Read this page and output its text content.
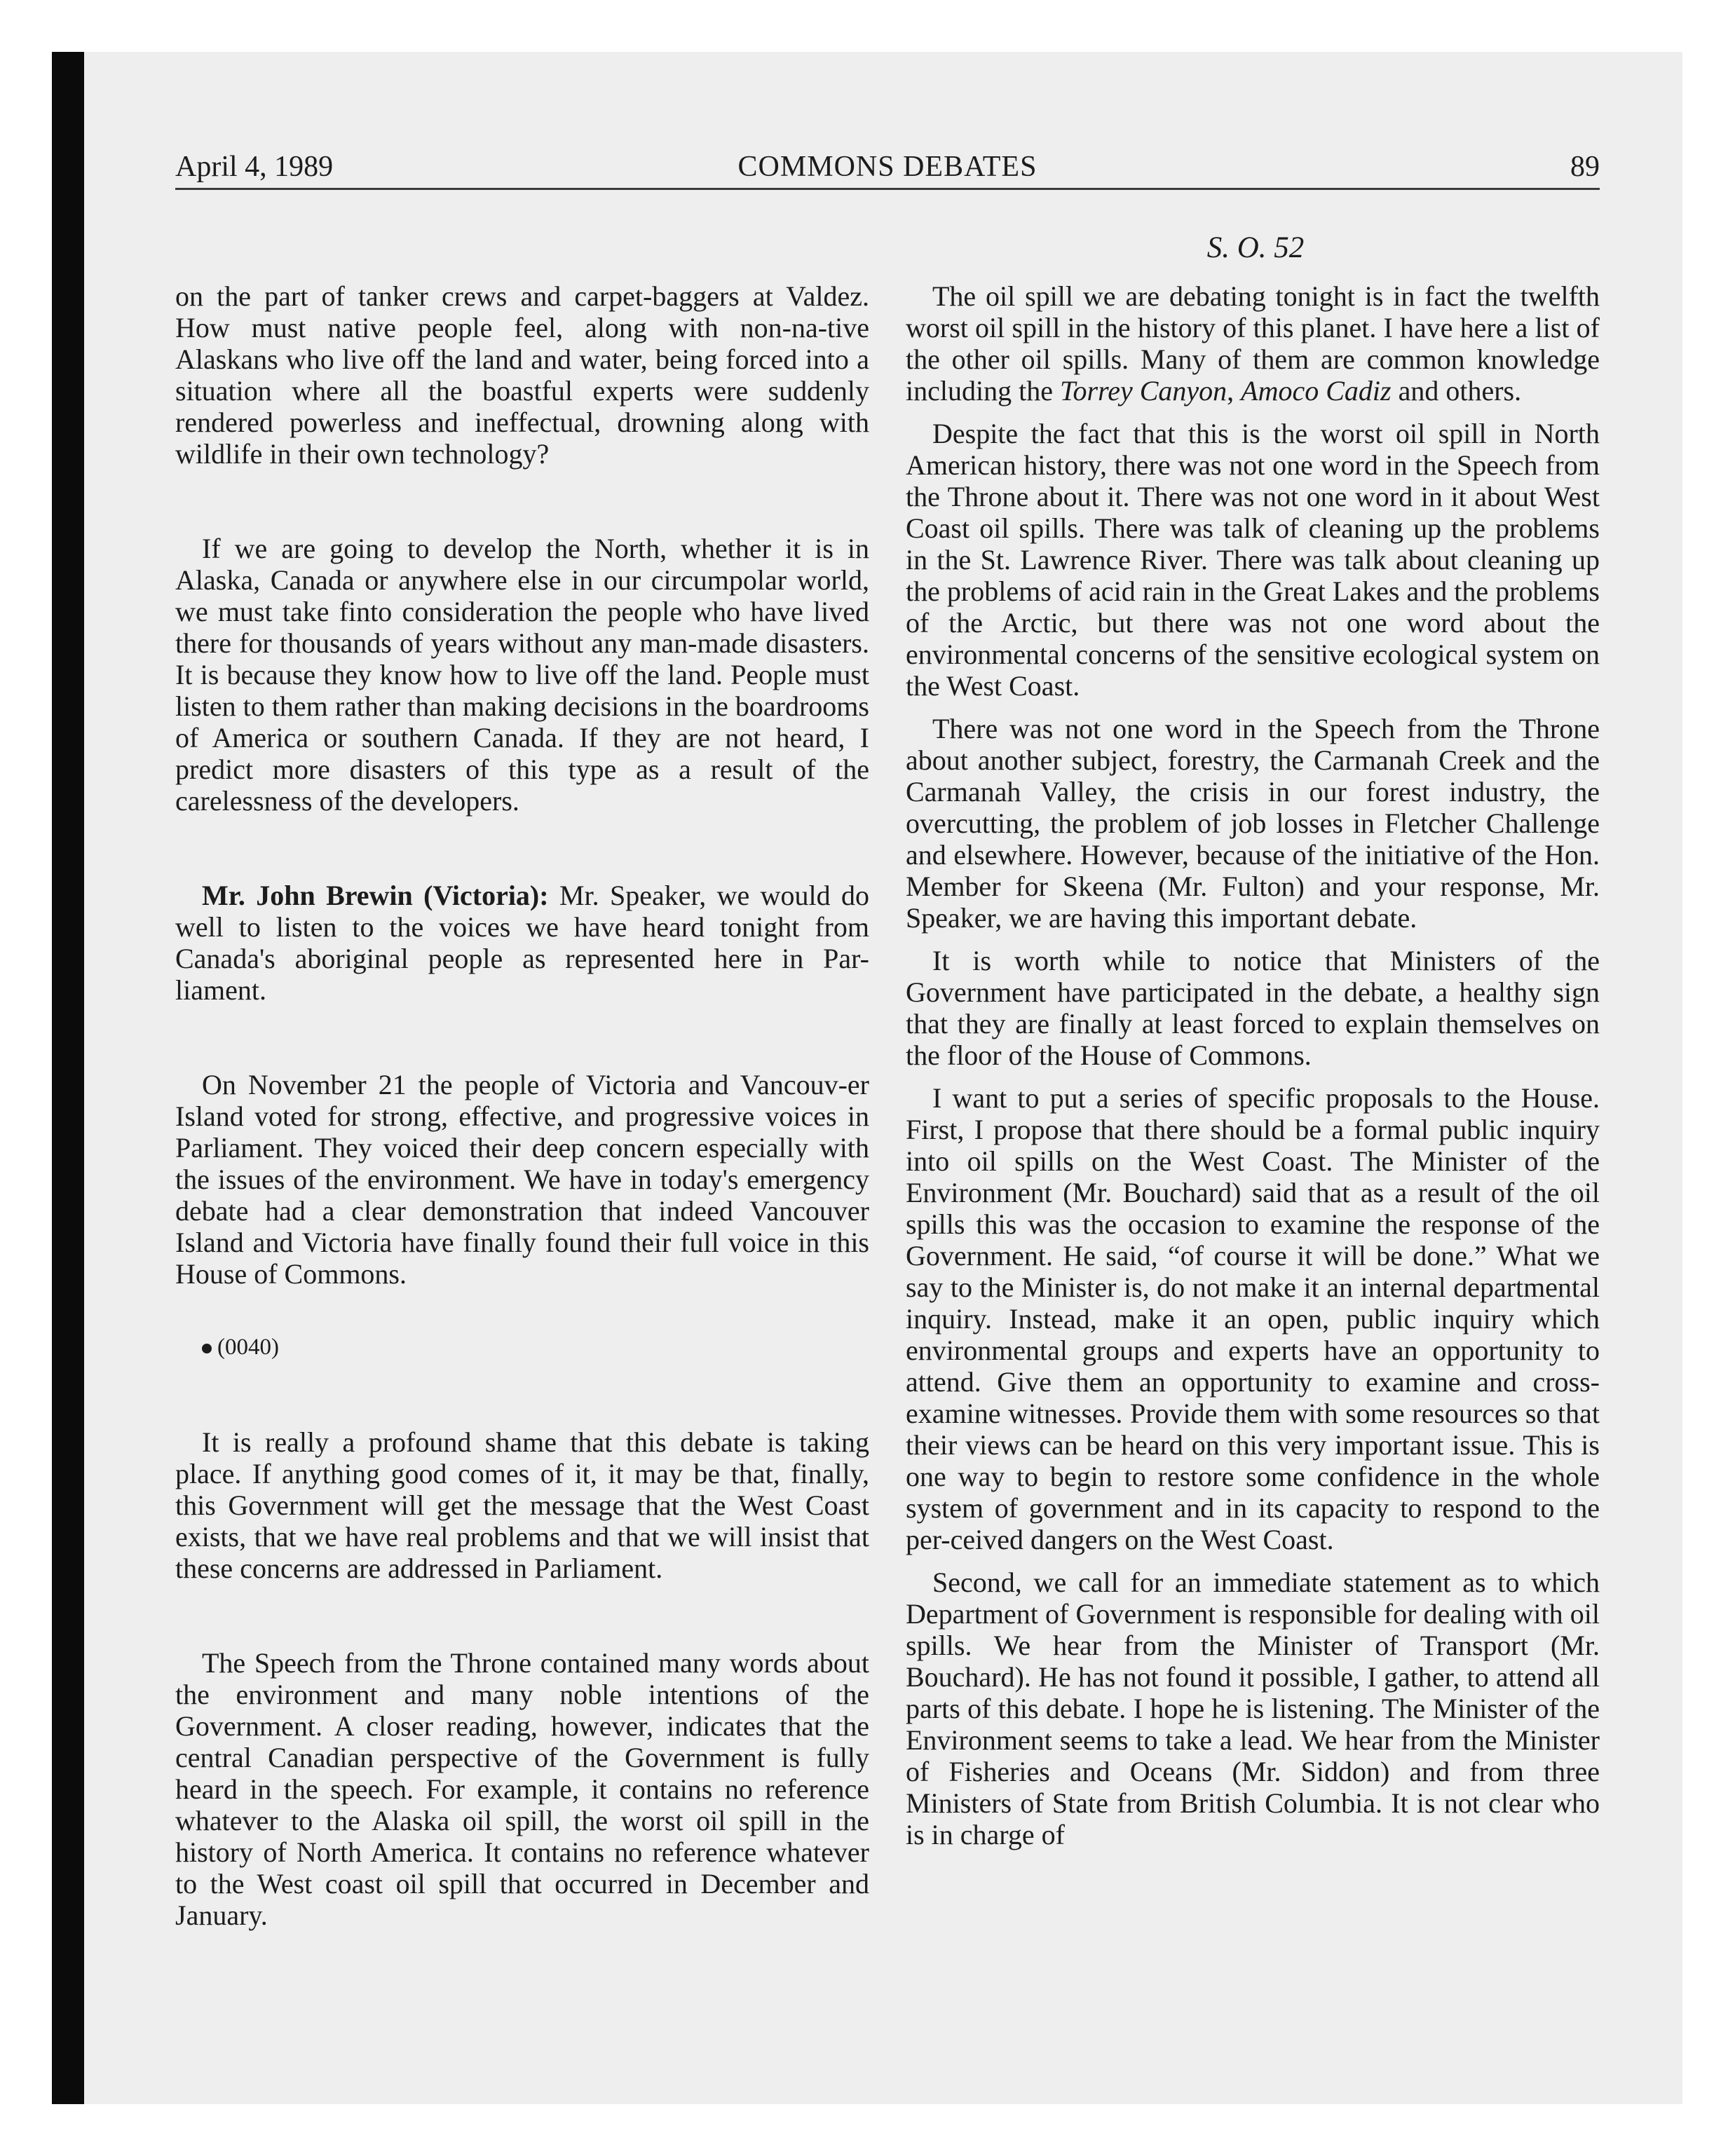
April 4, 1989	COMMONS DEBATES	89
S. O. 52

on the part of tanker crews and carpet-baggers at Valdez. How must native people feel, along with non-na-tive Alaskans who live off the land and water, being forced into a situation where all the boastful experts were suddenly rendered powerless and ineffectual, drowning along with wildlife in their own technology?

If we are going to develop the North, whether it is in Alaska, Canada or anywhere else in our circumpolar world, we must take finto consideration the people who have lived there for thousands of years without any man-made disasters. It is because they know how to live off the land. People must listen to them rather than making decisions in the boardrooms of America or southern Canada. If they are not heard, I predict more disasters of this type as a result of the carelessness of the developers.

Mr. John Brewin (Victoria): Mr. Speaker, we would do well to listen to the voices we have heard tonight from Canada's aboriginal people as represented here in Par-liament.

On November 21 the people of Victoria and Vancouv-er Island voted for strong, effective, and progressive voices in Parliament. They voiced their deep concern especially with the issues of the environment. We have in today's emergency debate had a clear demonstration that indeed Vancouver Island and Victoria have finally found their full voice in this House of Commons.

(0040)

It is really a profound shame that this debate is taking place. If anything good comes of it, it may be that, finally, this Government will get the message that the West Coast exists, that we have real problems and that we will insist that these concerns are addressed in Parliament.

The Speech from the Throne contained many words about the environment and many noble intentions of the Government. A closer reading, however, indicates that the central Canadian perspective of the Government is fully heard in the speech. For example, it contains no reference whatever to the Alaska oil spill, the worst oil spill in the history of North America. It contains no reference whatever to the West coast oil spill that occurred in December and January.

The oil spill we are debating tonight is in fact the twelfth worst oil spill in the history of this planet. I have here a list of the other oil spills. Many of them are common knowledge including the Torrey Canyon, Amoco Cadiz and others.

Despite the fact that this is the worst oil spill in North American history, there was not one word in the Speech from the Throne about it. There was not one word in it about West Coast oil spills. There was talk of cleaning up the problems in the St. Lawrence River. There was talk about cleaning up the problems of acid rain in the Great Lakes and the problems of the Arctic, but there was not one word about the environmental concerns of the sensitive ecological system on the West Coast.

There was not one word in the Speech from the Throne about another subject, forestry, the Carmanah Creek and the Carmanah Valley, the crisis in our forest industry, the overcutting, the problem of job losses in Fletcher Challenge and elsewhere. However, because of the initiative of the Hon. Member for Skeena (Mr. Fulton) and your response, Mr. Speaker, we are having this important debate.

It is worth while to notice that Ministers of the Government have participated in the debate, a healthy sign that they are finally at least forced to explain themselves on the floor of the House of Commons.

I want to put a series of specific proposals to the House. First, I propose that there should be a formal public inquiry into oil spills on the West Coast. The Minister of the Environment (Mr. Bouchard) said that as a result of the oil spills this was the occasion to examine the response of the Government. He said, “of course it will be done.” What we say to the Minister is, do not make it an internal departmental inquiry. Instead, make it an open, public inquiry which environmental groups and experts have an opportunity to attend. Give them an opportunity to examine and cross-examine witnesses. Provide them with some resources so that their views can be heard on this very important issue. This is one way to begin to restore some confidence in the whole system of government and in its capacity to respond to the per-ceived dangers on the West Coast.

Second, we call for an immediate statement as to which Department of Government is responsible for dealing with oil spills. We hear from the Minister of Transport (Mr. Bouchard). He has not found it possible, I gather, to attend all parts of this debate. I hope he is listening. The Minister of the Environment seems to take a lead. We hear from the Minister of Fisheries and Oceans (Mr. Siddon) and from three Ministers of State from British Columbia. It is not clear who is in charge of
